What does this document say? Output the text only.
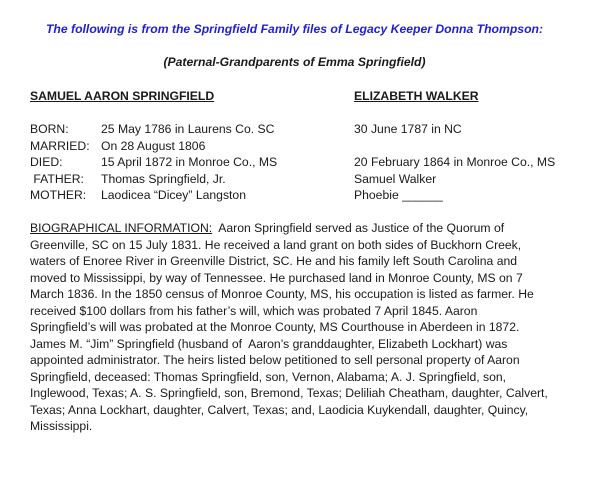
The following is from the Springfield Family files of Legacy Keeper Donna Thompson:
(Paternal-Grandparents of Emma Springfield)
SAMUEL AARON SPRINGFIELD	ELIZABETH WALKER
BORN:	25 May 1786 in Laurens Co. SC	30 June 1787 in NC
MARRIED: On 28 August 1806
DIED:	15 April 1872 in Monroe Co., MS	20 February 1864 in Monroe Co., MS
FATHER: Thomas Springfield, Jr.	Samuel Walker
MOTHER: Laodicea “Dicey” Langston	Phoebie ______
BIOGRAPHICAL INFORMATION:  Aaron Springfield served as Justice of the Quorum of
Greenville, SC on 15 July 1831. He received a land grant on both sides of Buckhorn Creek,
waters of Enoree River in Greenville District, SC. He and his family left South Carolina and
moved to Mississippi, by way of Tennessee. He purchased land in Monroe County, MS on 7
March 1836. In the 1850 census of Monroe County, MS, his occupation is listed as farmer. He
received $100 dollars from his father’s will, which was probated 7 April 1845. Aaron
Springfield’s will was probated at the Monroe County, MS Courthouse in Aberdeen in 1872.
James M. “Jim” Springfield (husband of  Aaron’s granddaughter, Elizabeth Lockhart) was
appointed administrator. The heirs listed below petitioned to sell personal property of Aaron
Springfield, deceased: Thomas Springfield, son, Vernon, Alabama; A. J. Springfield, son,
Inglewood, Texas; A. S. Springfield, son, Bremond, Texas; Deliliah Cheatham, daughter, Calvert,
Texas; Anna Lockhart, daughter, Calvert, Texas; and, Laodicia Kuykendall, daughter, Quincy,
Mississippi.
